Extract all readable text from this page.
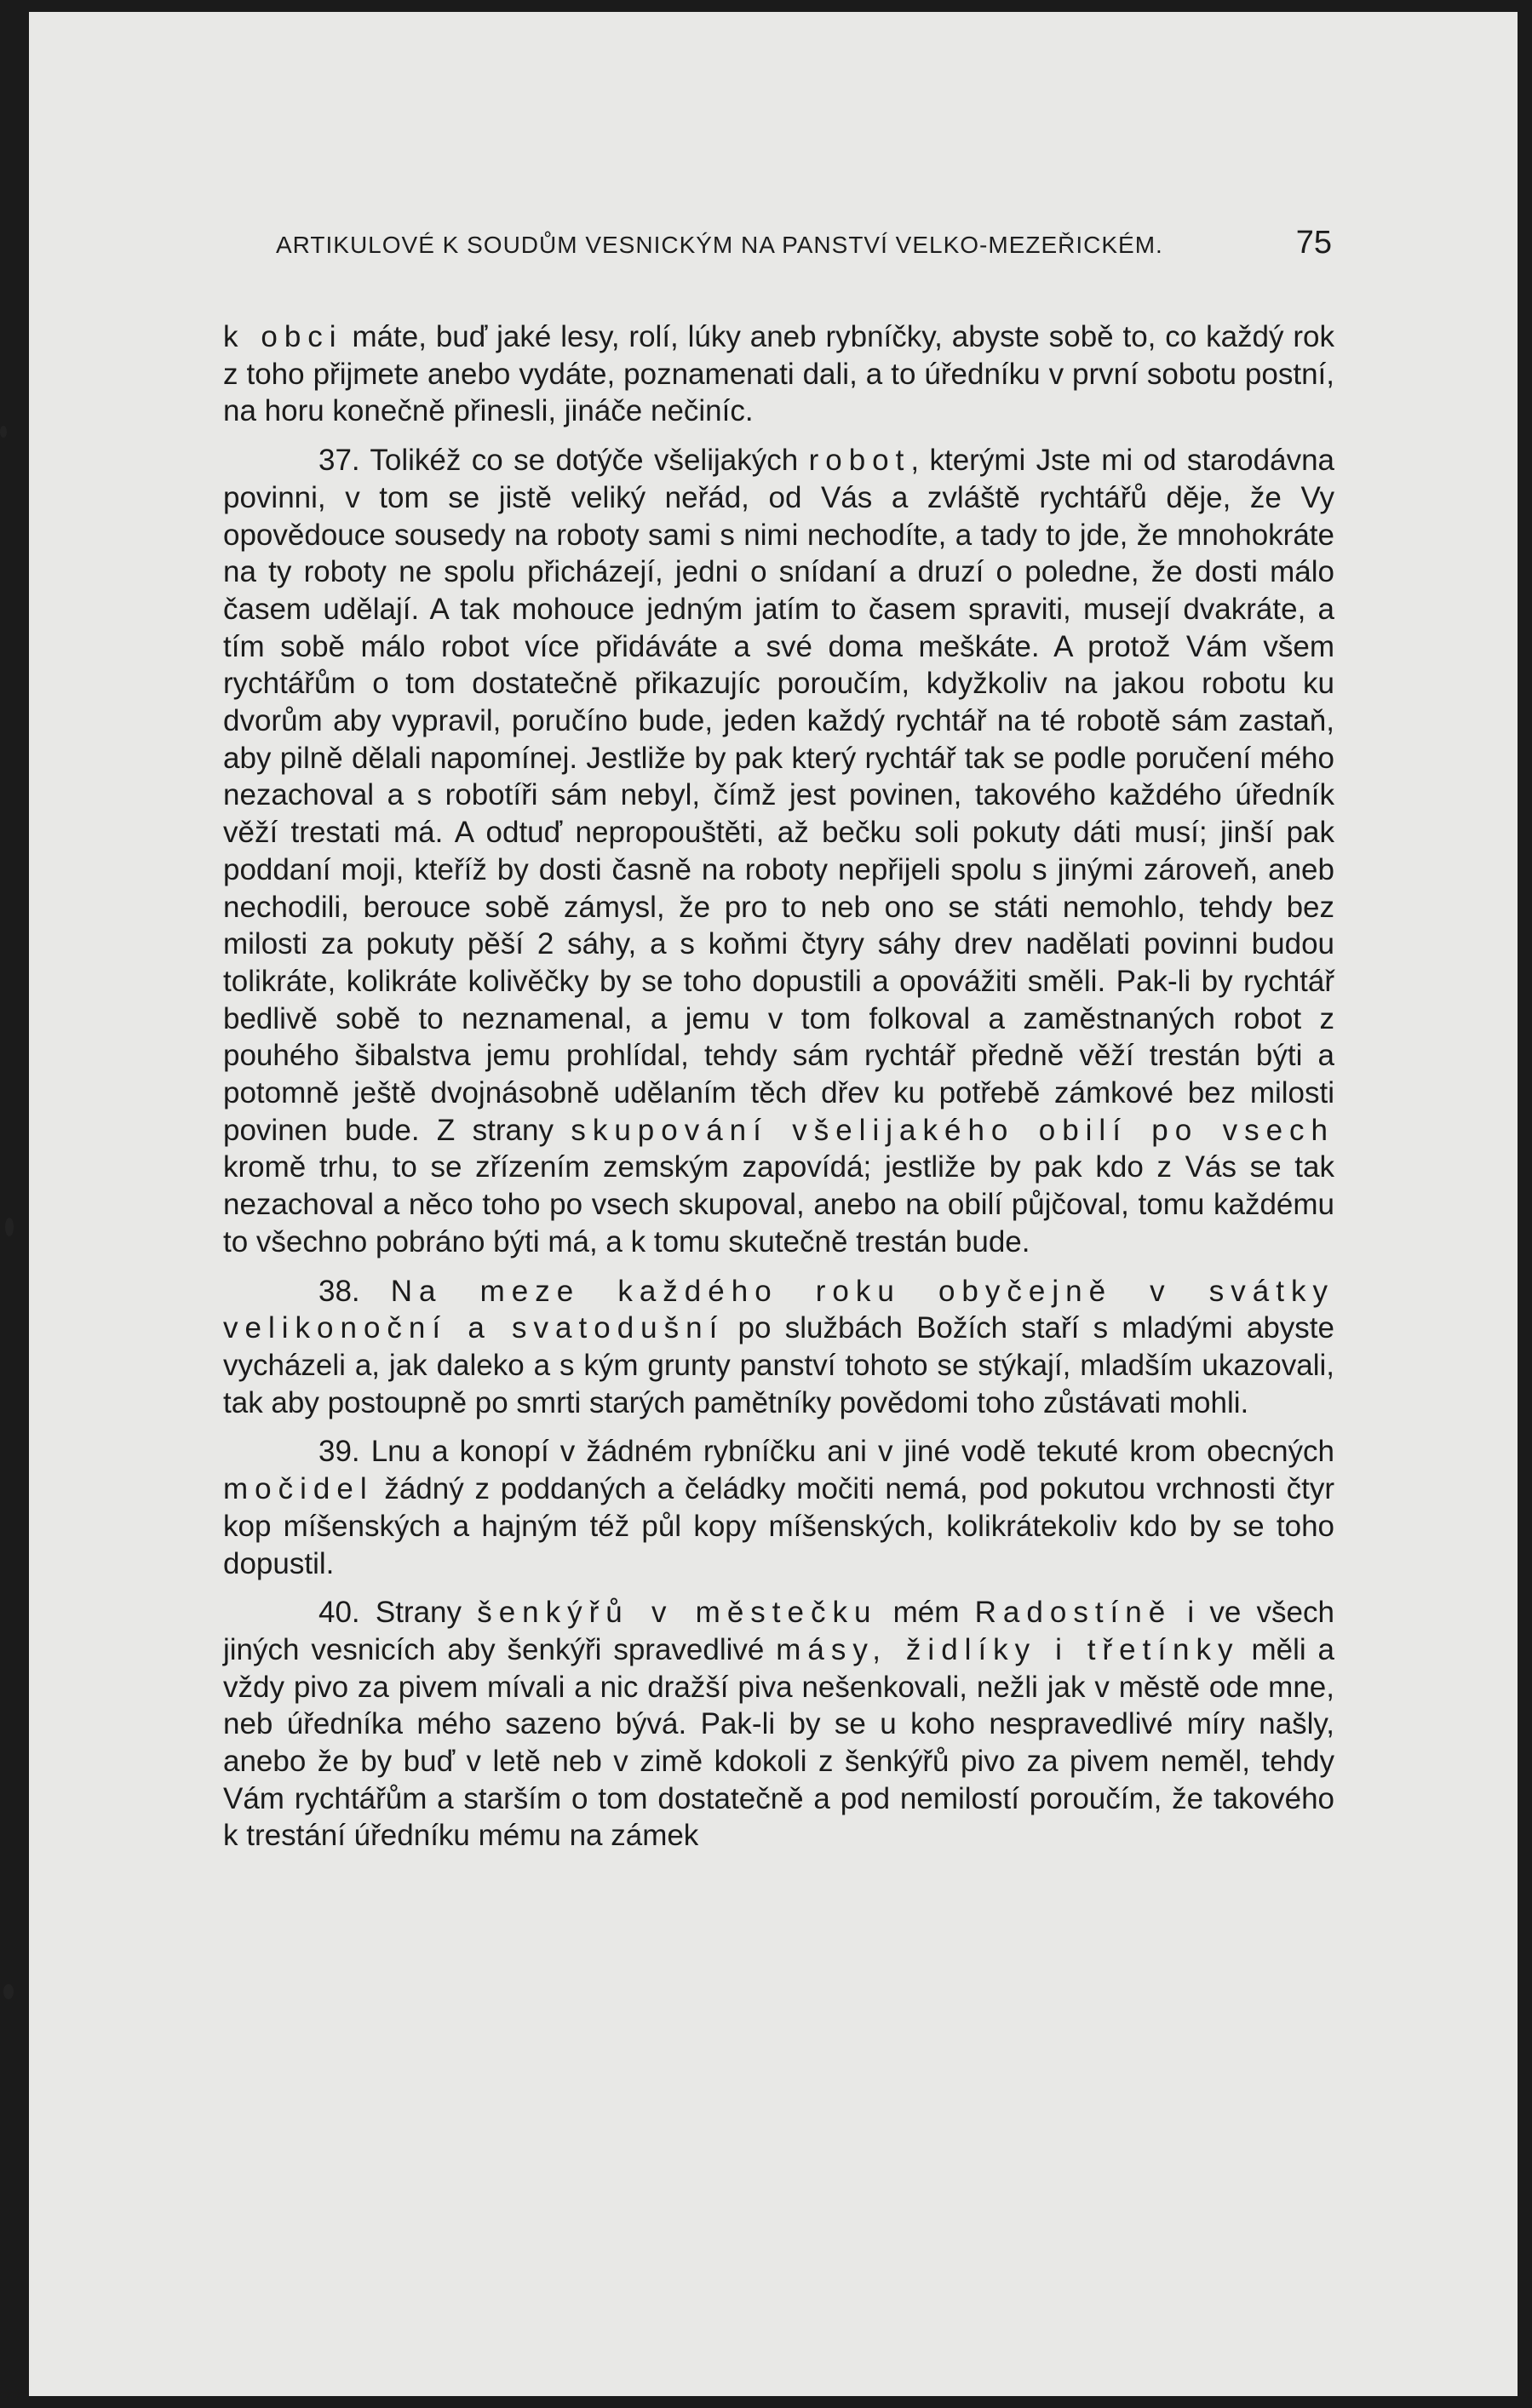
ARTIKULOVÉ K SOUDŮM VESNICKÝM NA PANSTVÍ VELKO-MEZEŘICKÉM.	75

k obci máte, buď jaké lesy, rolí, lúky aneb rybníčky, abyste sobě to, co každý rok z toho přijmete anebo vydáte, poznamenati dali, a to úředníku v první sobotu postní, na horu konečně přinesli, jináče nečiníc.

37. Tolikéž co se dotýče všelijakých robot, kterými Jste mi od starodávna povinni, v tom se jistě veliký neřád, od Vás a zvláště rychtářů děje, že Vy opovědouce sousedy na roboty sami s nimi nechodíte, a tady to jde, že mnohokráte na ty roboty ne spolu přicházejí, jedni o snídaní a druzí o poledne, že dosti málo časem udělají. A tak mohouce jedným jatím to časem spraviti, musejí dvakráte, a tím sobě málo robot více přidáváte a své doma meškáte. A protož Vám všem rychtářům o tom dostatečně přikazujíc poroučím, kdyžkoliv na jakou robotu ku dvorům aby vypravil, poručíno bude, jeden každý rychtář na té robotě sám zastaň, aby pilně dělali napomínej. Jestliže by pak který rychtář tak se podle poručení mého nezachoval a s robotíři sám nebyl, čímž jest povinen, takového každého úředník věží trestati má. A odtuď nepropouštěti, až bečku soli pokuty dáti musí; jinší pak poddaní moji, kteříž by dosti časně na roboty nepřijeli spolu s jinými zároveň, aneb nechodili, berouce sobě zámysl, že pro to neb ono se státi nemohlo, tehdy bez milosti za pokuty pěší 2 sáhy, a s koňmi čtyry sáhy drev nadělati povinni budou tolikráte, kolikráte kolivěčky by se toho dopustili a opovážiti směli. Pak-li by rychtář bedlivě sobě to neznamenal, a jemu v tom folkoval a zaměstnaných robot z pouhého šibalstva jemu prohlídal, tehdy sám rychtář předně věží trestán býti a potomně ještě dvojnásobně udělaním těch dřev ku potřebě zámkové bez milosti povinen bude. Z strany skupování všelijakého obilí po vsech kromě trhu, to se zřízením zemským zapovídá; jestliže by pak kdo z Vás se tak nezachoval a něco toho po vsech skupoval, anebo na obilí půjčoval, tomu každému to všechno pobráno býti má, a k tomu skutečně trestán bude.

38. Na meze každého roku obyčejně v svátky velikonoční a svatodušní po službách Božích staří s mladými abyste vycházeli a, jak daleko a s kým grunty panství tohoto se stýkají, mladším ukazovali, tak aby postoupně po smrti starých pamětníky povědomi toho zůstávati mohli.

39. Lnu a konopí v žádném rybníčku ani v jiné vodě tekuté krom obecných močidel žádný z poddaných a čeládky močiti nemá, pod pokutou vrchnosti čtyr kop míšenských a hajným též půl kopy míšenských, kolikrátekoliv kdo by se toho dopustil.

40. Strany šenkýřů v městečku mém Radostíně i ve všech jiných vesnicích aby šenkýři spravedlivé másy, židlíky i třetínky měli a vždy pivo za pivem mívali a nic dražší piva nešenkovali, nežli jak v městě ode mne, neb úředníka mého sazeno bývá. Pak-li by se u koho nespravedlivé míry našly, anebo že by buď v letě neb v zimě kdokoli z šenkýřů pivo za pivem neměl, tehdy Vám rychtářům a starším o tom dostatečně a pod nemilostí poroučím, že takového k trestání úředníku mému na zámek
